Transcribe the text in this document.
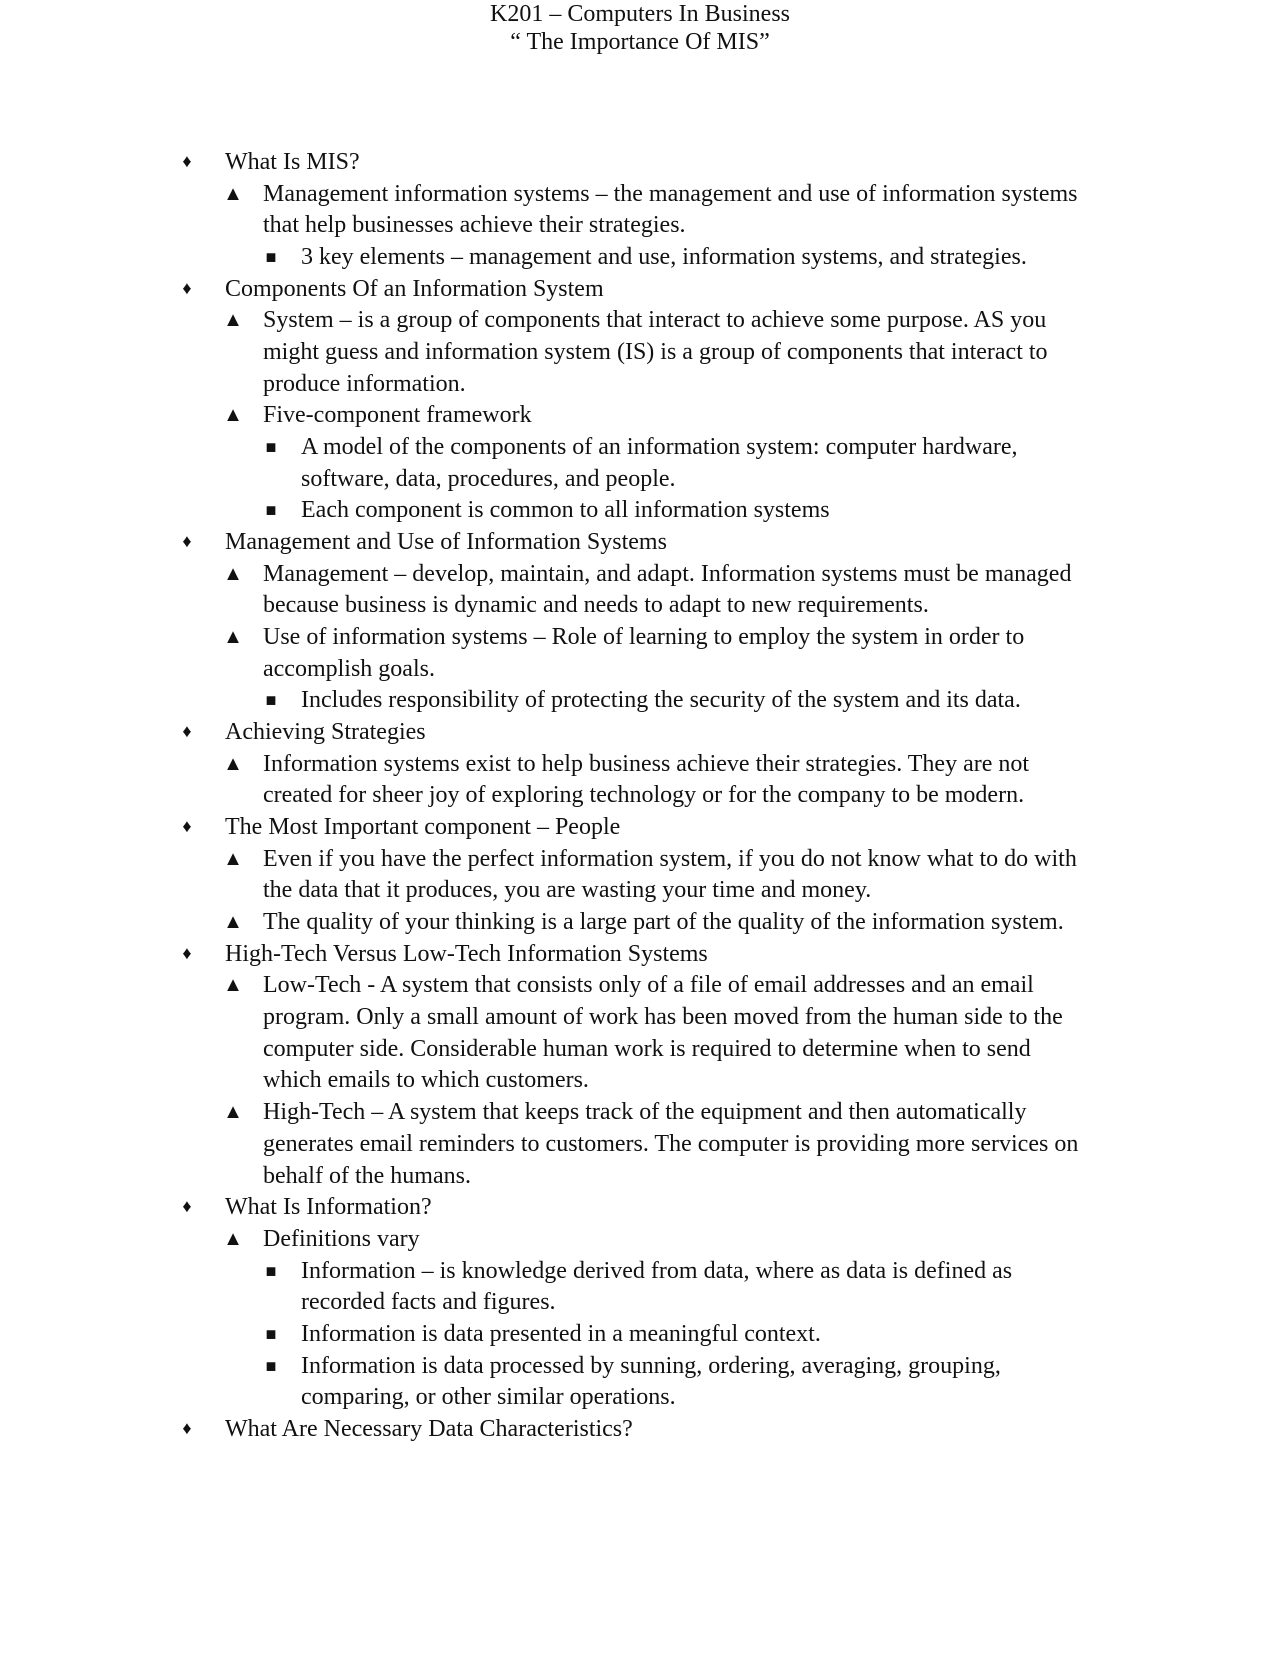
K201 – Computers In Business
“ The Importance Of MIS”
♦ What Is MIS?
▲ Management information systems – the management and use of information systems that help businesses achieve their strategies.
■ 3 key elements – management and use, information systems, and strategies.
♦ Components Of an Information System
▲ System – is a group of components that interact to achieve some purpose. AS you might guess and information system (IS) is a group of components that interact to produce information.
▲ Five-component framework
■ A model of the components of an information system: computer hardware, software, data, procedures, and people.
■ Each component is common to all information systems
♦ Management and Use of Information Systems
▲ Management – develop, maintain, and adapt. Information systems must be managed because business is dynamic and needs to adapt to new requirements.
▲ Use of information systems – Role of learning to employ the system in order to accomplish goals.
■ Includes responsibility of protecting the security of the system and its data.
♦ Achieving Strategies
▲ Information systems exist to help business achieve their strategies. They are not created for sheer joy of exploring technology or for the company to be modern.
♦ The Most Important component – People
▲ Even if you have the perfect information system, if you do not know what to do with the data that it produces, you are wasting your time and money.
▲ The quality of your thinking is a large part of the quality of the information system.
♦ High-Tech Versus Low-Tech Information Systems
▲ Low-Tech - A system that consists only of a file of email addresses and an email program. Only a small amount of work has been moved from the human side to the computer side. Considerable human work is required to determine when to send which emails to which customers.
▲ High-Tech – A system that keeps track of the equipment and then automatically generates email reminders to customers. The computer is providing more services on behalf of the humans.
♦ What Is Information?
▲ Definitions vary
■ Information – is knowledge derived from data, where as data is defined as recorded facts and figures.
■ Information is data presented in a meaningful context.
■ Information is data processed by sunning, ordering, averaging, grouping, comparing, or other similar operations.
♦ What Are Necessary Data Characteristics?
